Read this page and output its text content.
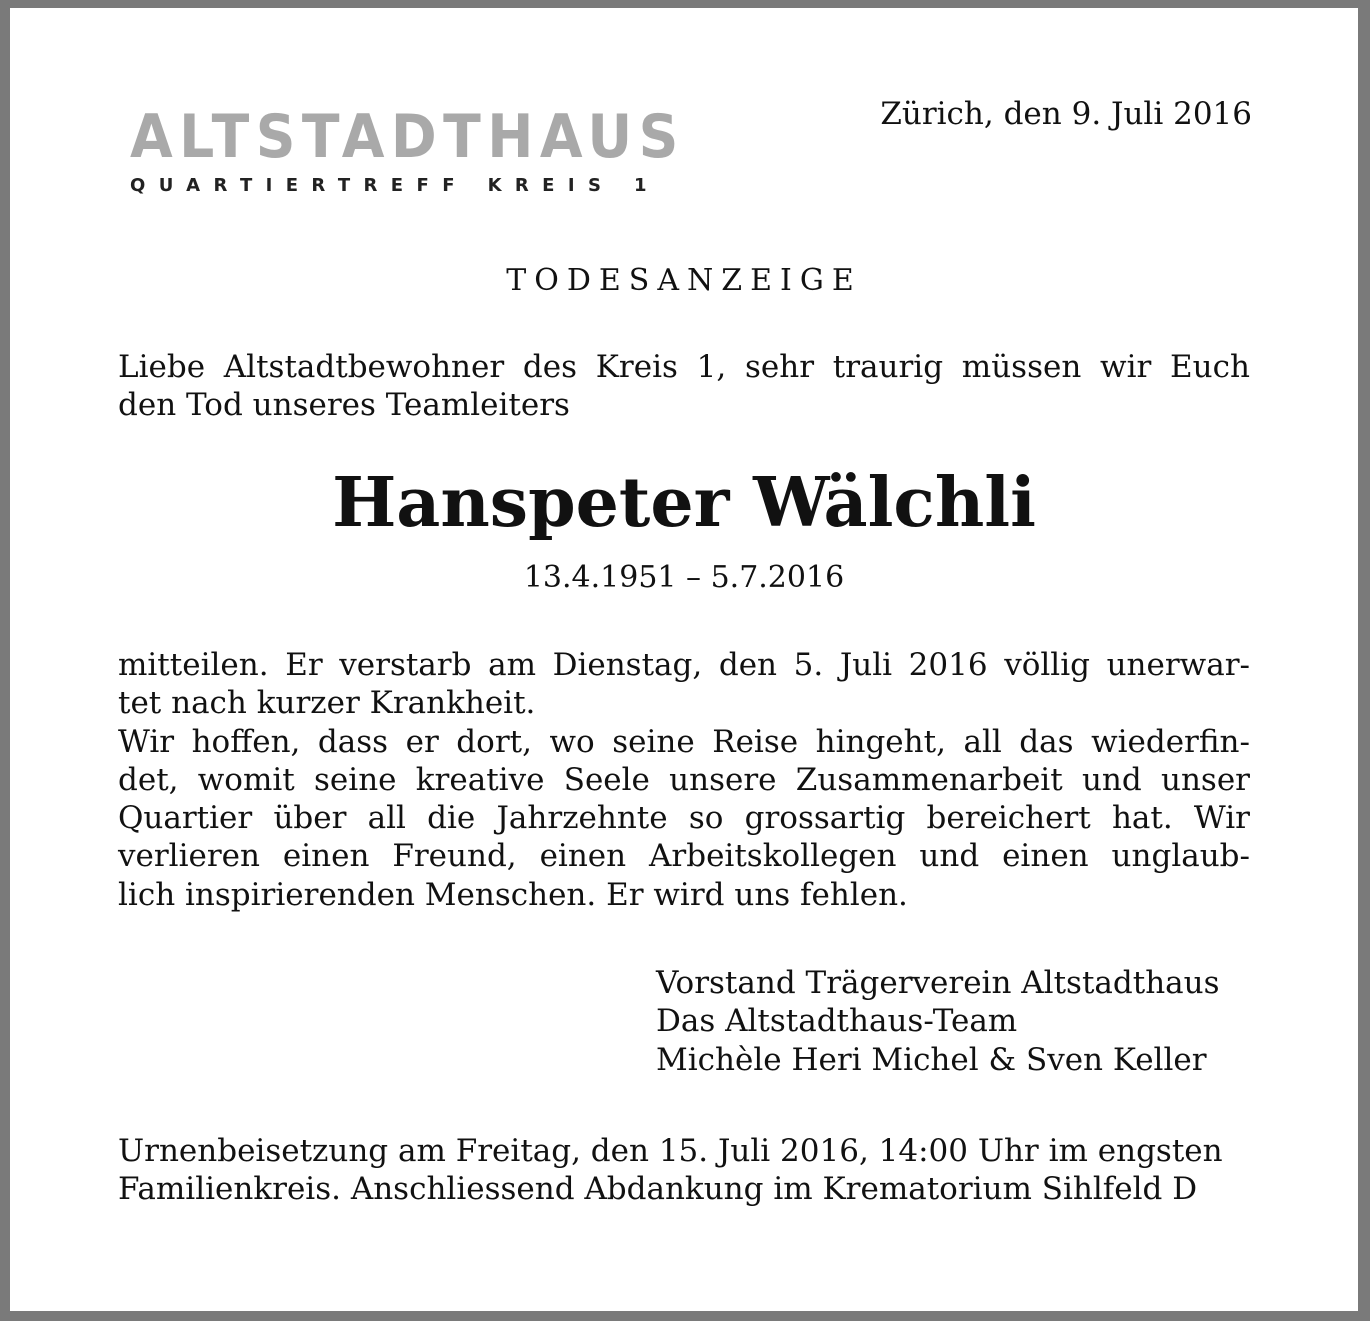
ALTSTADTHAUS
QUARTIERTREFF KREIS 1
Zürich, den 9. Juli 2016
TODESANZEIGE
Liebe Altstadtbewohner des Kreis 1, sehr traurig müssen wir Euch
den Tod unseres Teamleiters
Hanspeter Wälchli
13.4.1951 – 5.7.2016
mitteilen. Er verstarb am Dienstag, den 5. Juli 2016 völlig unerwar-
tet nach kurzer Krankheit.
Wir hoffen, dass er dort, wo seine Reise hingeht, all das wiederfin-
det, womit seine kreative Seele unsere Zusammenarbeit und unser
Quartier über all die Jahrzehnte so grossartig bereichert hat. Wir
verlieren einen Freund, einen Arbeitskollegen und einen unglaub-
lich inspirierenden Menschen. Er wird uns fehlen.
Vorstand Trägerverein Altstadthaus
Das Altstadthaus-Team
Michèle Heri Michel & Sven Keller
Urnenbeisetzung am Freitag, den 15. Juli 2016, 14:00 Uhr im engsten
Familienkreis. Anschliessend Abdankung im Krematorium Sihlfeld D
